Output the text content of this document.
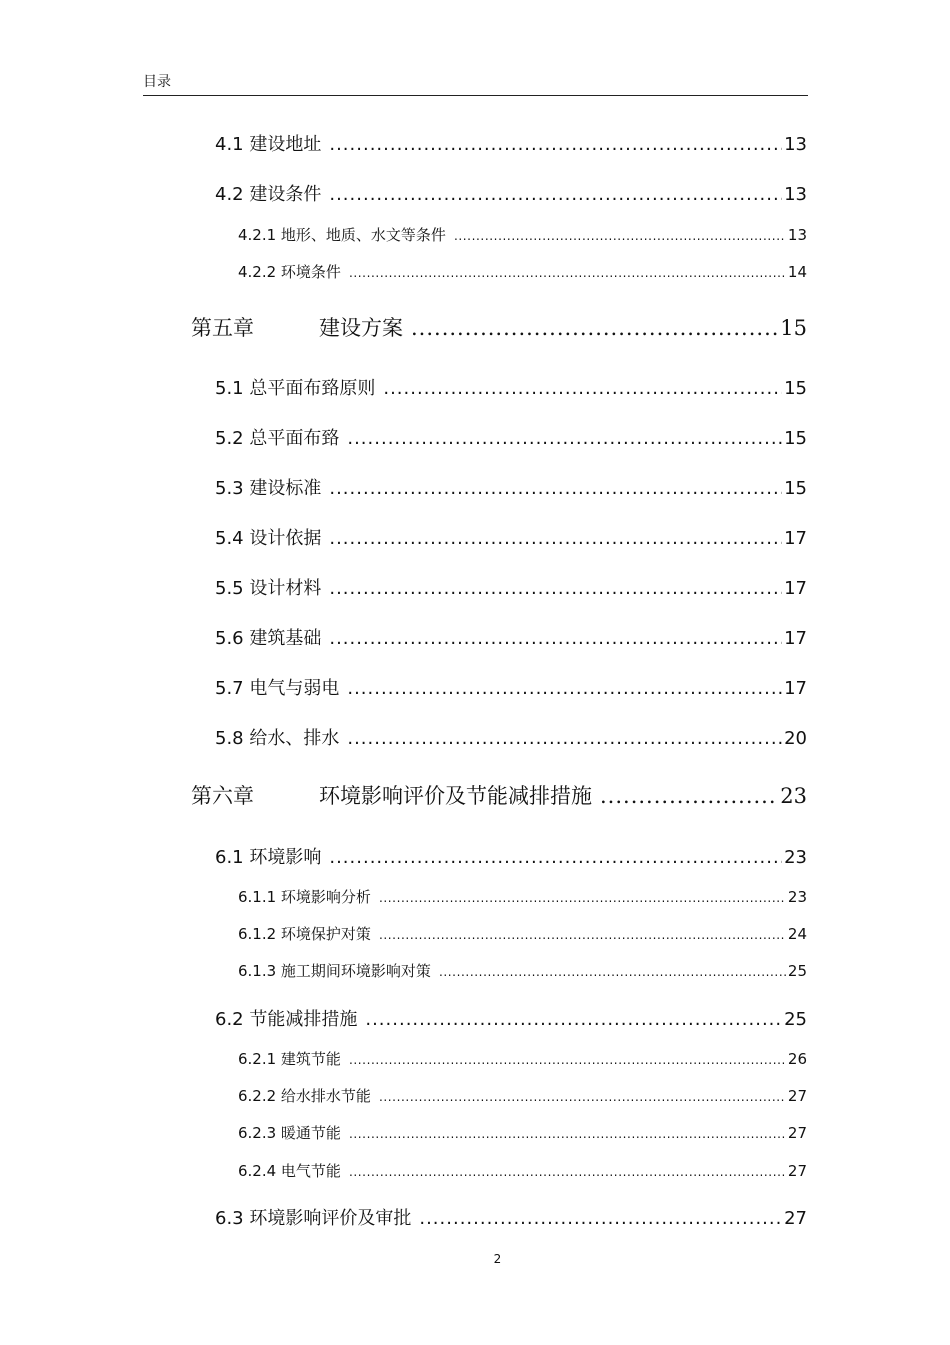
目录
4.1 建设地址 .....	13
4.2 建设条件 .....	13
4.2.1 地形、地质、水文等条件 .....	13
4.2.2 环境条件 .....	14
第五章	建设方案 .....	15
5.1 总平面布臵原则 .....	15
5.2 总平面布臵 .....	15
5.3 建设标准 .....	15
5.4 设计依据 .....	17
5.5 设计材料 .....	17
5.6 建筑基础 .....	17
5.7 电气与弱电 .....	17
5.8 给水、排水 .....	20
第六章	环境影响评价及节能减排措施 .....	23
6.1 环境影响 .....	23
6.1.1 环境影响分析 .....	23
6.1.2 环境保护对策 .....	24
6.1.3 施工期间环境影响对策 .....	25
6.2 节能减排措施 .....	25
6.2.1 建筑节能 .....	26
6.2.2 给水排水节能 .....	27
6.2.3 暖通节能 .....	27
6.2.4 电气节能 .....	27
6.3 环境影响评价及审批 .....	27
2
